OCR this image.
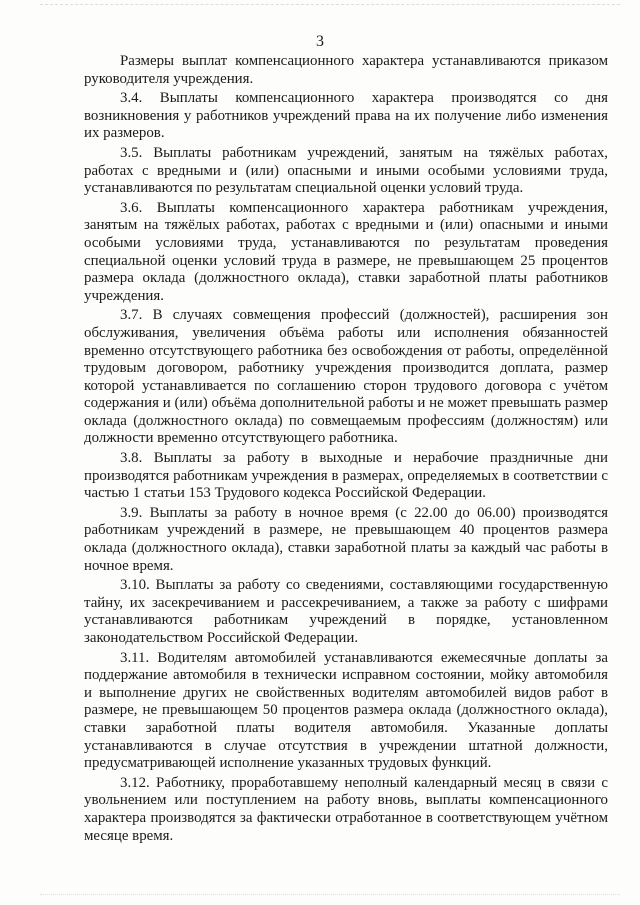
3

Размеры выплат компенсационного характера устанавливаются приказом руководителя учреждения.

3.4. Выплаты компенсационного характера производятся со дня возникновения у работников учреждений права на их получение либо изменения их размеров.

3.5. Выплаты работникам учреждений, занятым на тяжёлых работах, работах с вредными и (или) опасными и иными особыми условиями труда, устанавливаются по результатам специальной оценки условий труда.

3.6. Выплаты компенсационного характера работникам учреждения, занятым на тяжёлых работах, работах с вредными и (или) опасными и иными особыми условиями труда, устанавливаются по результатам проведения специальной оценки условий труда в размере, не превышающем 25 процентов размера оклада (должностного оклада), ставки заработной платы работников учреждения.

3.7. В случаях совмещения профессий (должностей), расширения зон обслуживания, увеличения объёма работы или исполнения обязанностей временно отсутствующего работника без освобождения от работы, определённой трудовым договором, работнику учреждения производится доплата, размер которой устанавливается по соглашению сторон трудового договора с учётом содержания и (или) объёма дополнительной работы и не может превышать размер оклада (должностного оклада) по совмещаемым профессиям (должностям) или должности временно отсутствующего работника.

3.8. Выплаты за работу в выходные и нерабочие праздничные дни производятся работникам учреждения в размерах, определяемых в соответствии с частью 1 статьи 153 Трудового кодекса Российской Федерации.

3.9. Выплаты за работу в ночное время (с 22.00 до 06.00) производятся работникам учреждений в размере, не превышающем 40 процентов размера оклада (должностного оклада), ставки заработной платы за каждый час работы в ночное время.

3.10. Выплаты за работу со сведениями, составляющими государственную тайну, их засекречиванием и рассекречиванием, а также за работу с шифрами устанавливаются работникам учреждений в порядке, установленном законодательством Российской Федерации.

3.11. Водителям автомобилей устанавливаются ежемесячные доплаты за поддержание автомобиля в технически исправном состоянии, мойку автомобиля и выполнение других не свойственных водителям автомобилей видов работ в размере, не превышающем 50 процентов размера оклада (должностного оклада), ставки заработной платы водителя автомобиля. Указанные доплаты устанавливаются в случае отсутствия в учреждении штатной должности, предусматривающей исполнение указанных трудовых функций.

3.12. Работнику, проработавшему неполный календарный месяц в связи с увольнением или поступлением на работу вновь, выплаты компенсационного характера производятся за фактически отработанное в соответствующем учётном месяце время.
